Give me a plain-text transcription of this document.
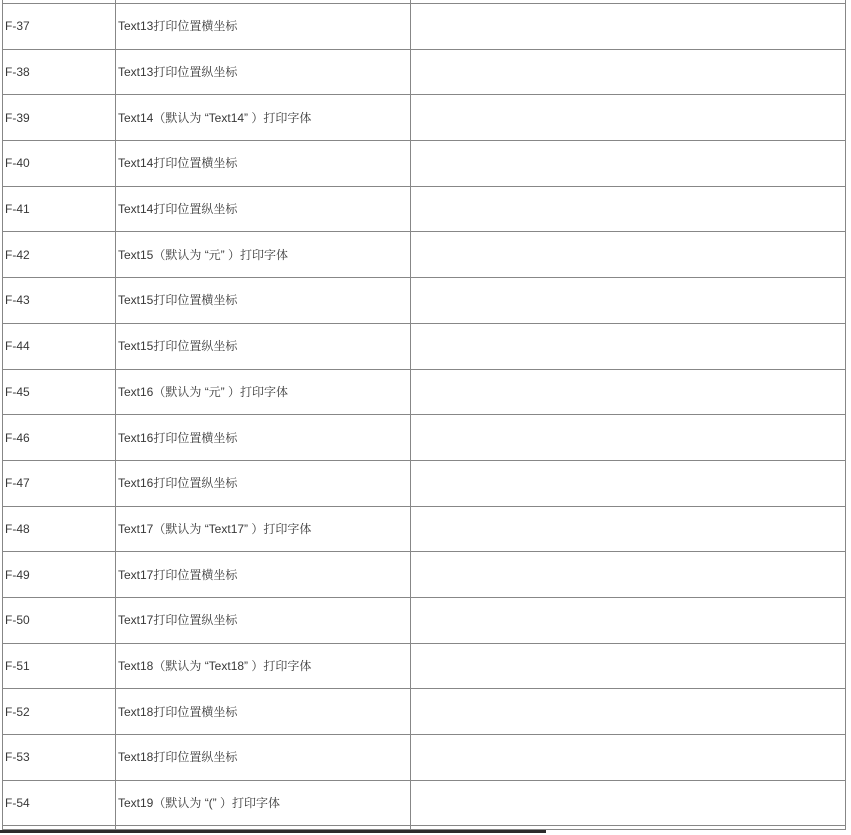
F-37	Text13打印位置横坐标	
F-38	Text13打印位置纵坐标	
F-39	Text14（默认为 “Text14” ）打印字体	
F-40	Text14打印位置横坐标	
F-41	Text14打印位置纵坐标	
F-42	Text15（默认为 “元” ）打印字体	
F-43	Text15打印位置横坐标	
F-44	Text15打印位置纵坐标	
F-45	Text16（默认为 “元” ）打印字体	
F-46	Text16打印位置横坐标	
F-47	Text16打印位置纵坐标	
F-48	Text17（默认为 “Text17” ）打印字体	
F-49	Text17打印位置横坐标	
F-50	Text17打印位置纵坐标	
F-51	Text18（默认为 “Text18” ）打印字体	
F-52	Text18打印位置横坐标	
F-53	Text18打印位置纵坐标	
F-54	Text19（默认为 “(” ）打印字体	
